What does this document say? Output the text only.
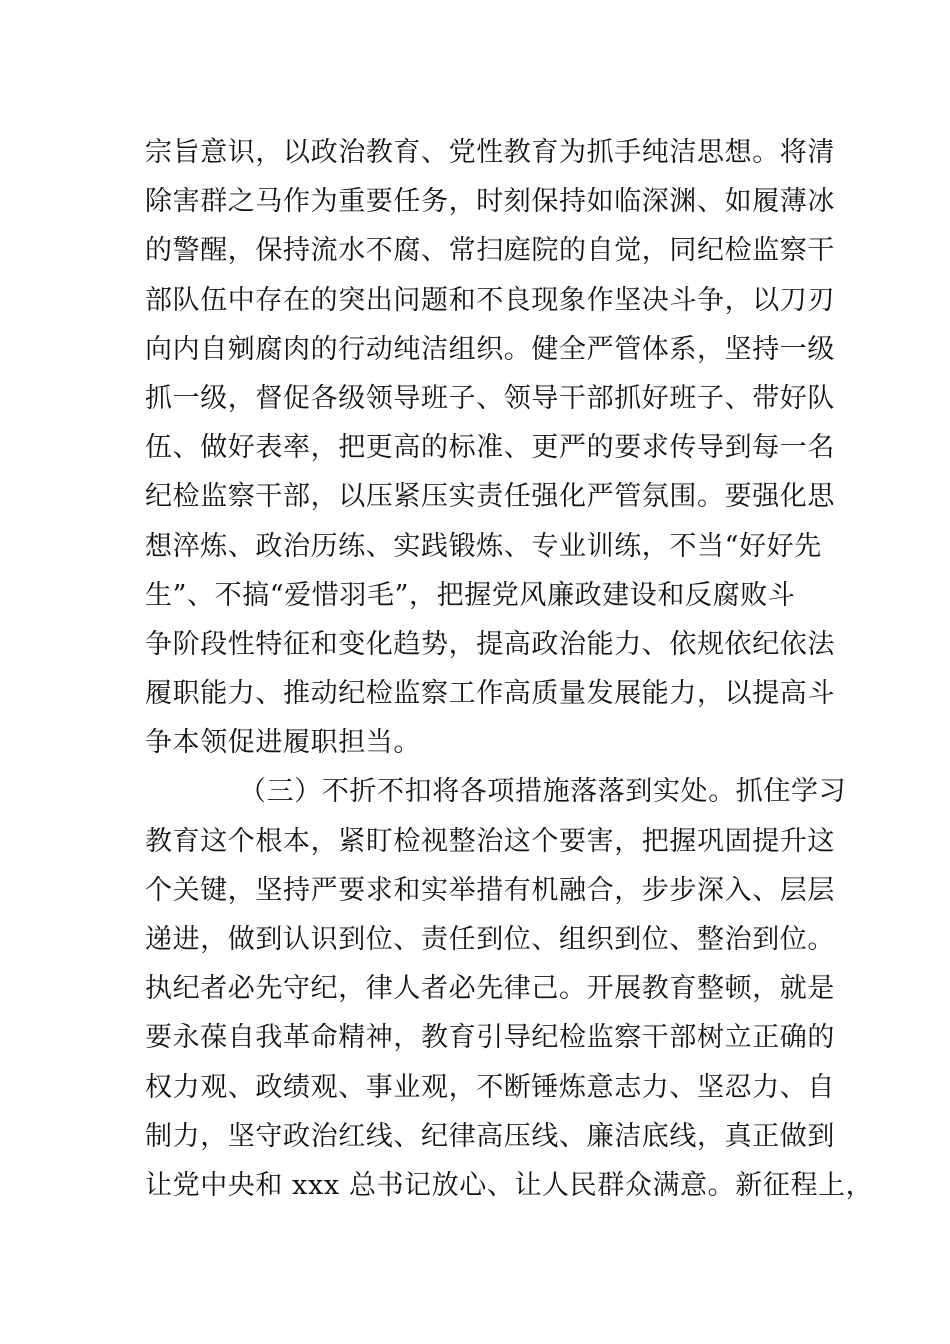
宗旨意识，以政治教育、党性教育为抓手纯洁思想。将清
除害群之马作为重要任务，时刻保持如临深渊、如履薄冰
的警醒，保持流水不腐、常扫庭院的自觉，同纪检监察干
部队伍中存在的突出问题和不良现象作坚决斗争，以刀刃
向内自剜腐肉的行动纯洁组织。健全严管体系，坚持一级
抓一级，督促各级领导班子、领导干部抓好班子、带好队
伍、做好表率，把更高的标准、更严的要求传导到每一名
纪检监察干部，以压紧压实责任强化严管氛围。要强化思
想淬炼、政治历练、实践锻炼、专业训练，不当“好好先
生”、不搞“爱惜羽毛”，把握党风廉政建设和反腐败斗
争阶段性特征和变化趋势，提高政治能力、依规依纪依法
履职能力、推动纪检监察工作高质量发展能力，以提高斗
争本领促进履职担当。
（三）不折不扣将各项措施落落到实处。抓住学习
教育这个根本，紧盯检视整治这个要害，把握巩固提升这
个关键，坚持严要求和实举措有机融合，步步深入、层层
递进，做到认识到位、责任到位、组织到位、整治到位。
执纪者必先守纪，律人者必先律己。开展教育整顿，就是
要永葆自我革命精神，教育引导纪检监察干部树立正确的
权力观、政绩观、事业观，不断锤炼意志力、坚忍力、自
制力，坚守政治红线、纪律高压线、廉洁底线，真正做到
让党中央和 xxx 总书记放心、让人民群众满意。新征程上，
